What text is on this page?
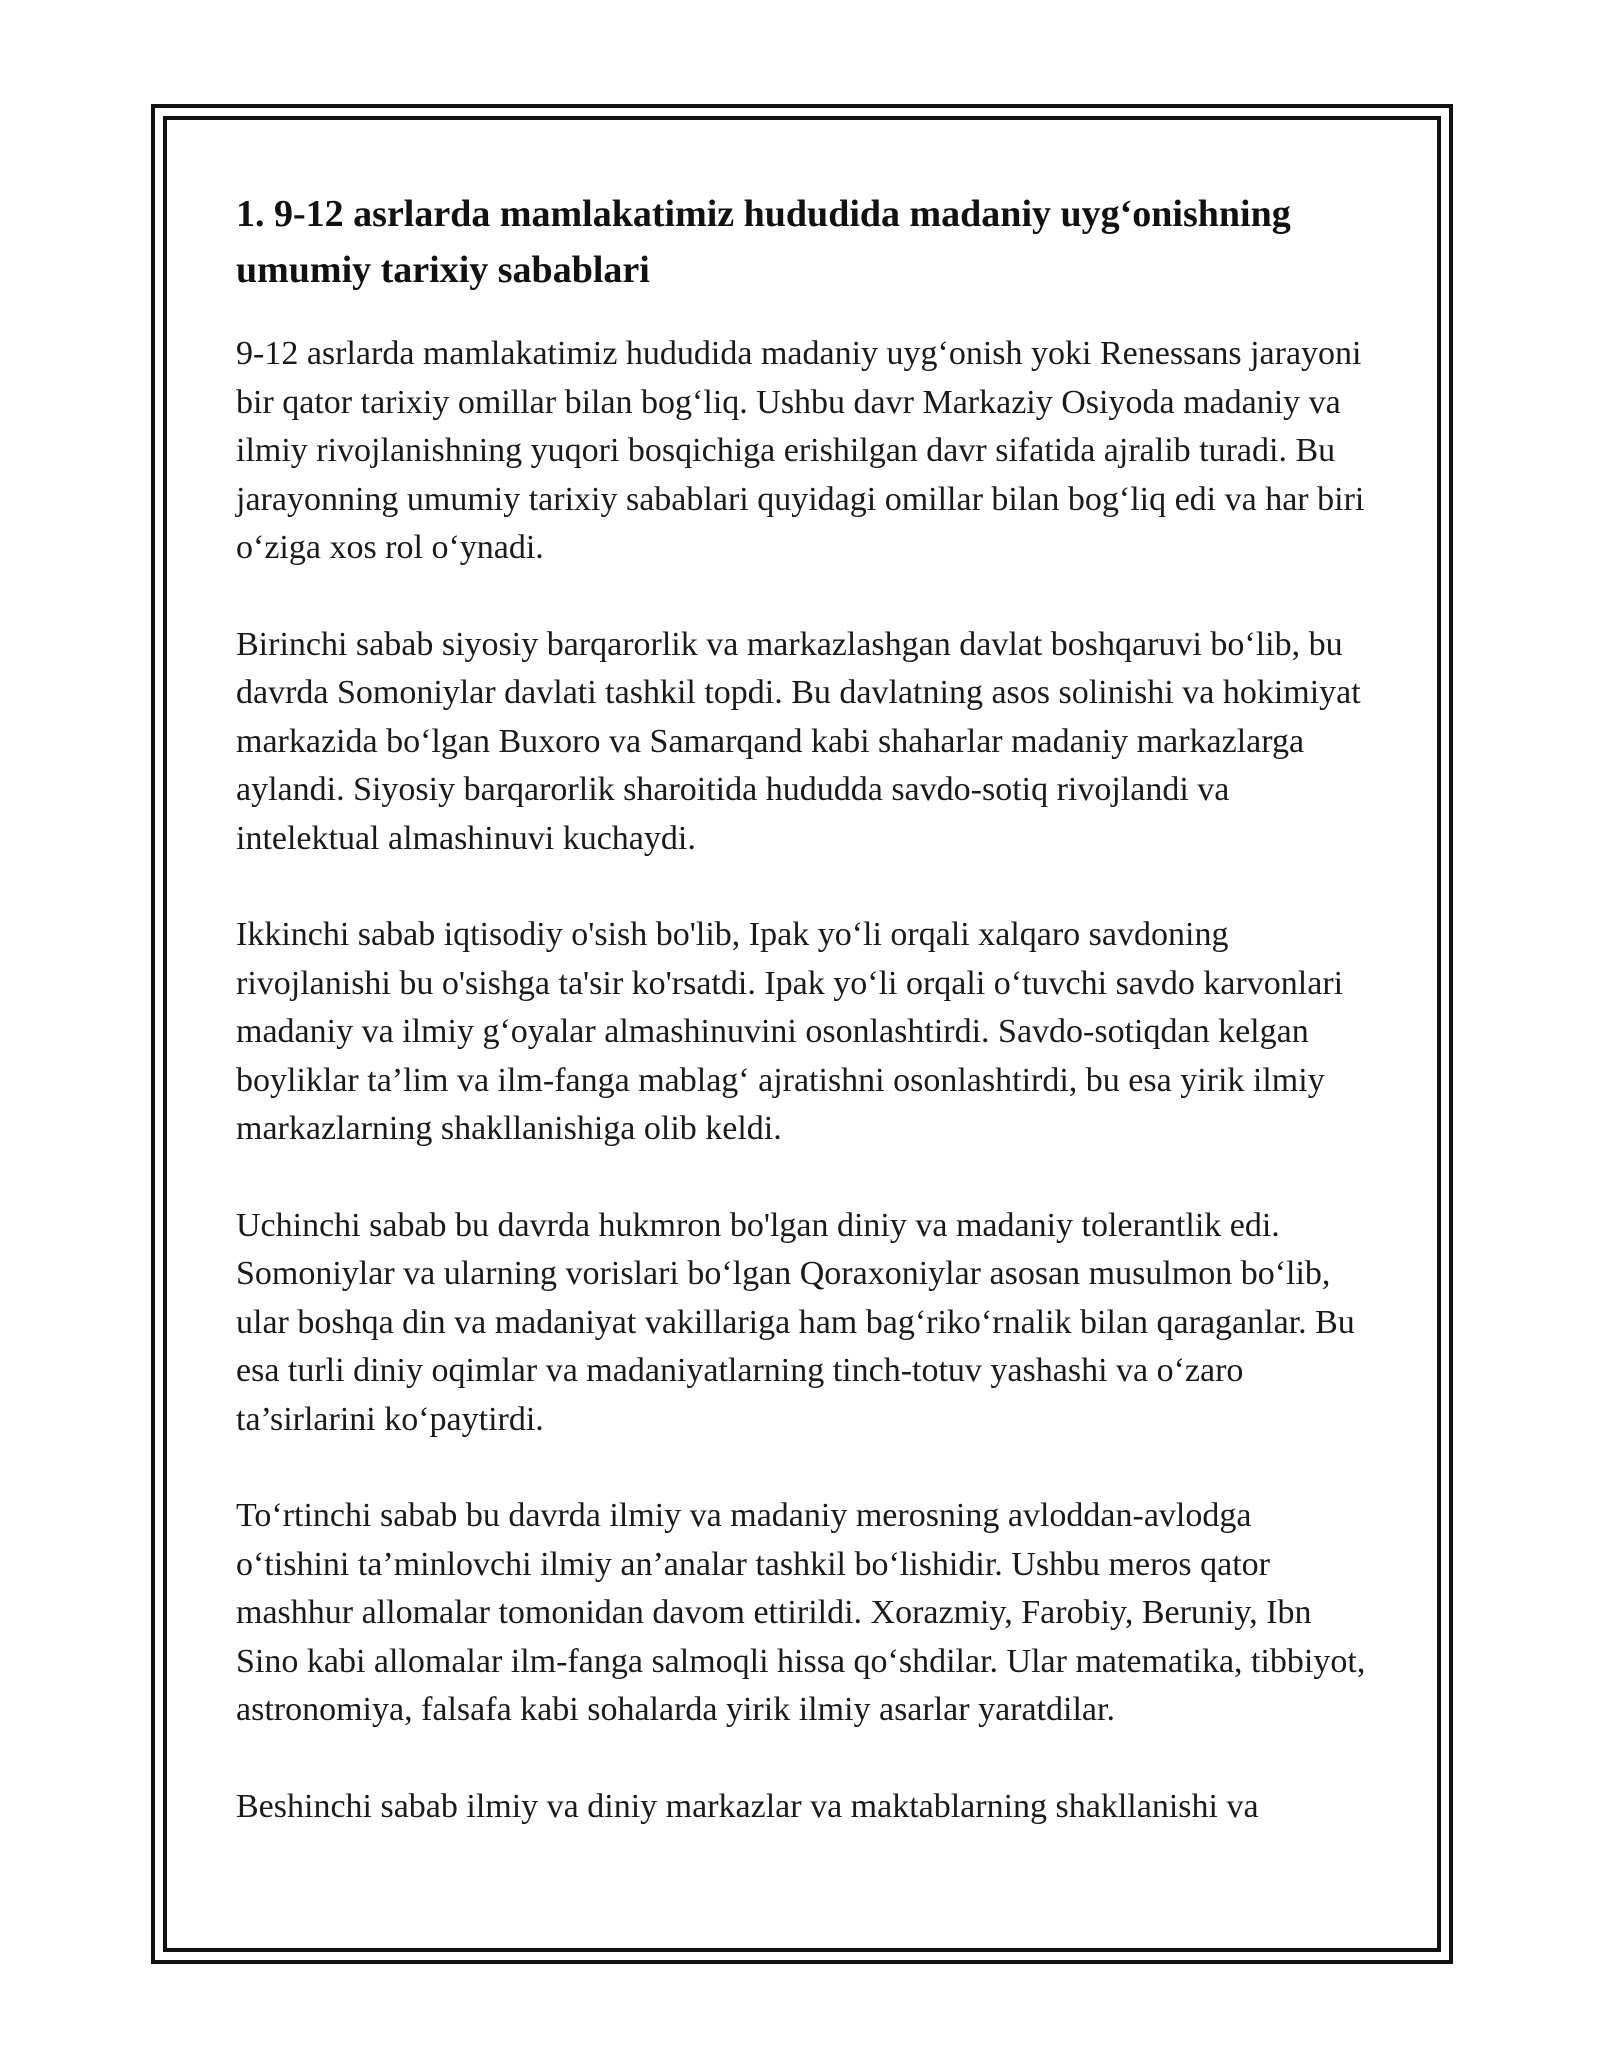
1. 9-12 asrlarda mamlakatimiz hududida madaniy uyg‘onishning umumiy tarixiy sabablari

9-12 asrlarda mamlakatimiz hududida madaniy uyg‘onish yoki Renessans jarayoni bir qator tarixiy omillar bilan bog‘liq. Ushbu davr Markaziy Osiyoda madaniy va ilmiy rivojlanishning yuqori bosqichiga erishilgan davr sifatida ajralib turadi. Bu jarayonning umumiy tarixiy sabablari quyidagi omillar bilan bog‘liq edi va har biri o‘ziga xos rol o‘ynadi.

Birinchi sabab siyosiy barqarorlik va markazlashgan davlat boshqaruvi bo‘lib, bu davrda Somoniylar davlati tashkil topdi. Bu davlatning asos solinishi va hokimiyat markazida bo‘lgan Buxoro va Samarqand kabi shaharlar madaniy markazlarga aylandi. Siyosiy barqarorlik sharoitida hududda savdo-sotiq rivojlandi va intelektual almashinuvi kuchaydi.

Ikkinchi sabab iqtisodiy o'sish bo'lib, Ipak yo‘li orqali xalqaro savdoning rivojlanishi bu o'sishga ta'sir ko'rsatdi. Ipak yo‘li orqali o‘tuvchi savdo karvonlari madaniy va ilmiy g‘oyalar almashinuvini osonlashtirdi. Savdo-sotiqdan kelgan boyliklar ta’lim va ilm-fanga mablag‘ ajratishni osonlashtirdi, bu esa yirik ilmiy markazlarning shakllanishiga olib keldi.

Uchinchi sabab bu davrda hukmron bo'lgan diniy va madaniy tolerantlik edi. Somoniylar va ularning vorislari bo‘lgan Qoraxoniylar asosan musulmon bo‘lib, ular boshqa din va madaniyat vakillariga ham bag‘riko‘rnalik bilan qaraganlar. Bu esa turli diniy oqimlar va madaniyatlarning tinch-totuv yashashi va o‘zaro ta’sirlarini ko‘paytirdi.

To‘rtinchi sabab bu davrda ilmiy va madaniy merosning avloddan-avlodga o‘tishini ta’minlovchi ilmiy an’analar tashkil bo‘lishidir. Ushbu meros qator mashhur allomalar tomonidan davom ettirildi. Xorazmiy, Farobiy, Beruniy, Ibn Sino kabi allomalar ilm-fanga salmoqli hissa qo‘shdilar. Ular matematika, tibbiyot, astronomiya, falsafa kabi sohalarda yirik ilmiy asarlar yaratdilar.

Beshinchi sabab ilmiy va diniy markazlar va maktablarning shakllanishi va
